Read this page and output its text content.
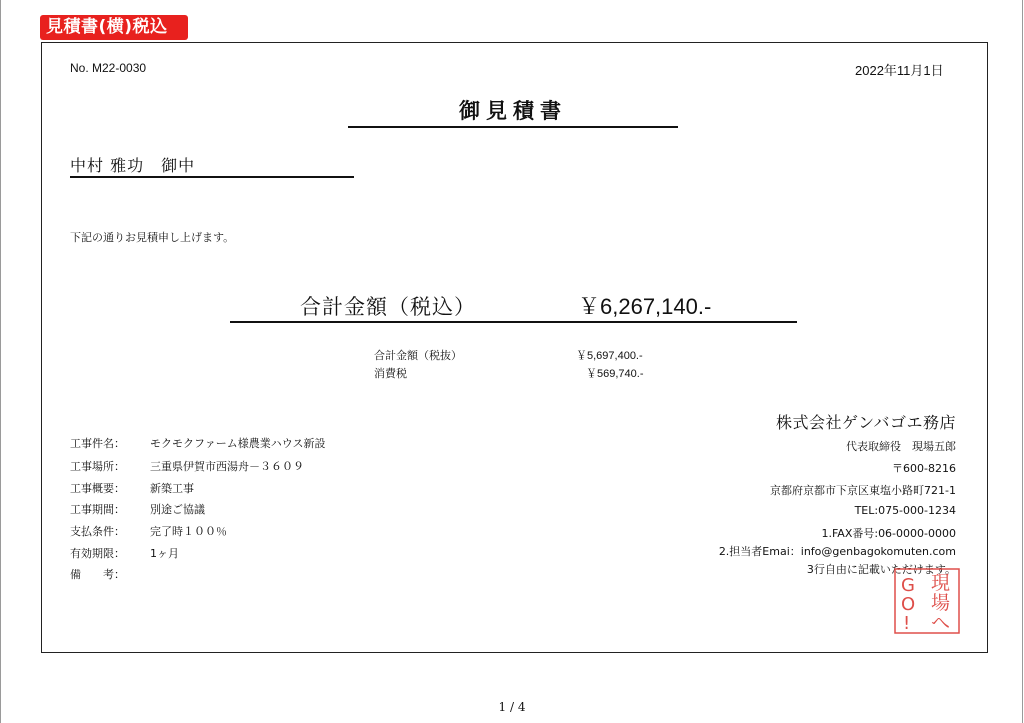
見積書(横)税込
No. M22-0030	2022年11月1日
御見積書
中村 雅功　御中
下記の通りお見積申し上げます。
合計金額（税込）	￥6,267,140.-
合計金額（税抜）	￥5,697,400.-
消費税	￥569,740.-
工事件名： モクモクファーム様農業ハウス新設
工事場所： 三重県伊賀市西湯舟－３６０９
工事概要： 新築工事
工事期間： 別途ご協議
支払条件： 完了時１００％
有効期限： 1ヶ月
備　　考：
株式会社ゲンバゴエ務店
代表取締役　現場五郎
〒600-8216
京都府京都市下京区東塩小路町721-1
TEL:075-000-1234
1.FAX番号:06-0000-0000
2.担当者Emai：info@genbagokomuten.com
3行自由に記載いただけます。
現
場
へ
G
O
!
1 / 4
